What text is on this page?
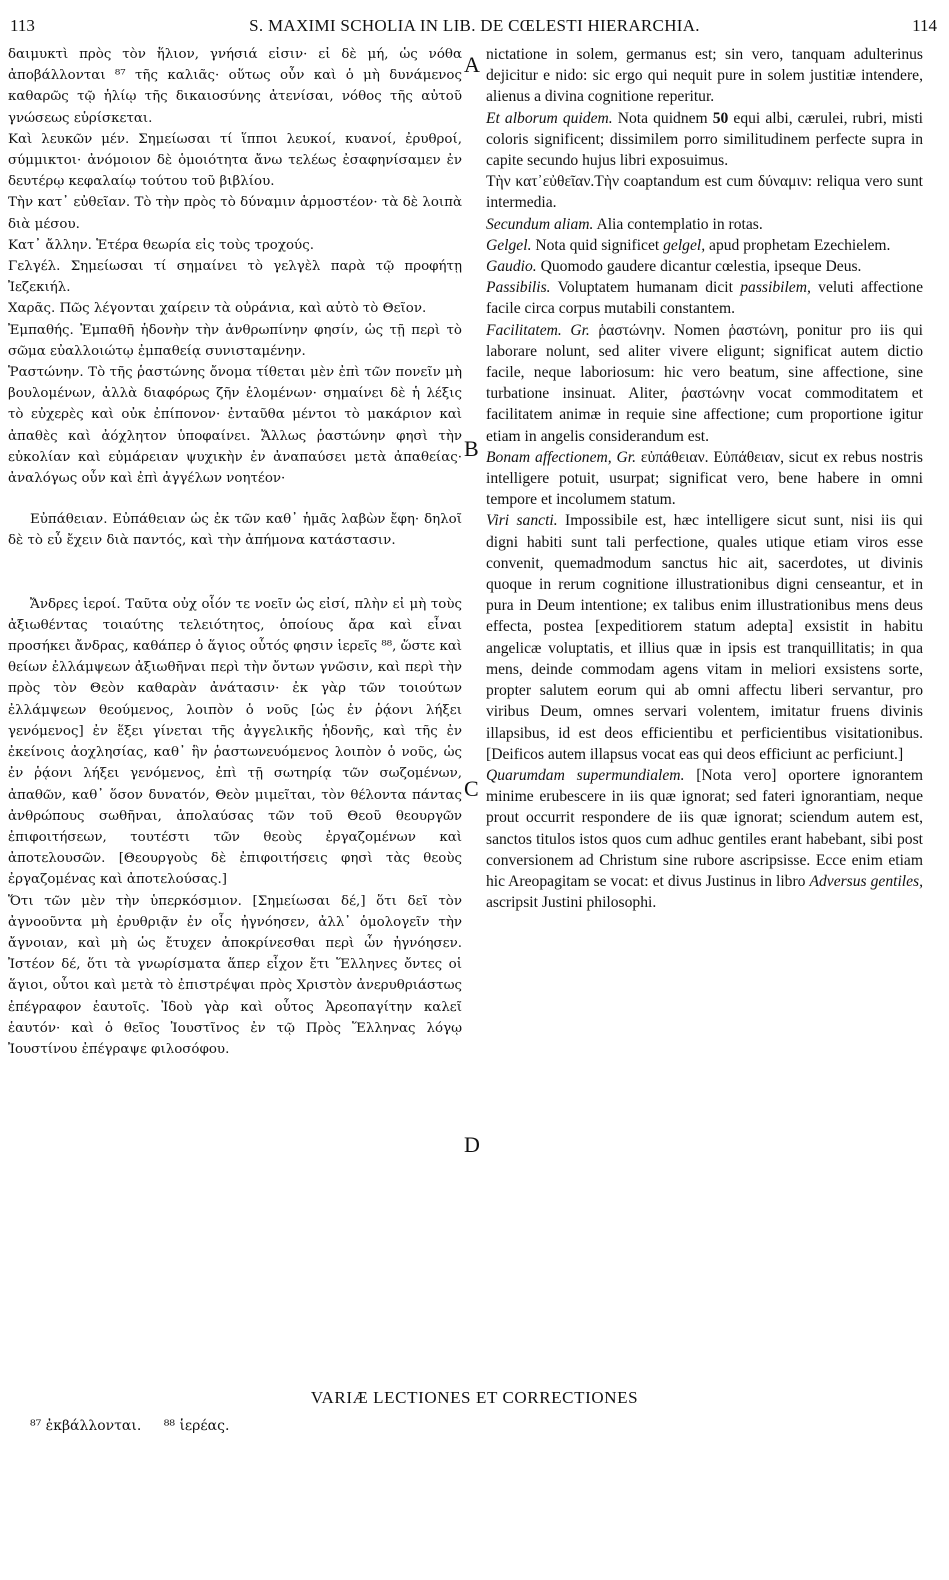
113	S. MAXIMI SCHOLIA IN LIB. DE CŒLESTI HIERARCHIA.	114
A
B
C
D

δαιμυκτὶ πρὸς τὸν ἥλιον, γνήσιά εἰσιν· εἰ δὲ μή, ὡς νόθα ἀποβάλλονται ⁸⁷ τῆς καλιᾶς· οὕτως οὖν καὶ ὁ μὴ δυνάμενος καθαρῶς τῷ ἡλίῳ τῆς δικαιοσύνης ἀτενίσαι, νόθος τῆς αὐτοῦ γνώσεως εὑρίσκεται.

Καὶ λευκῶν μέν. Σημείωσαι τί ἵπποι λευκοί, κυανοί, ἐρυθροί, σύμμικτοι· ἀνόμοιον δὲ ὁμοιότητα ἄνω τελέως ἐσαφηνίσαμεν ἐν δευτέρῳ κεφαλαίῳ τούτου τοῦ βιβλίου.

Τὴν κατ᾽ εὐθεῖαν. Τὸ τὴν πρὸς τὸ δύναμιν ἁρμοστέον· τὰ δὲ λοιπὰ διὰ μέσου.

Κατ᾽ ἄλλην. Ἑτέρα θεωρία εἰς τοὺς τροχούς.

Γελγέλ. Σημείωσαι τί σημαίνει τὸ γελγὲλ παρὰ τῷ προφήτῃ Ἰεζεκιήλ.

Χαρᾶς. Πῶς λέγονται χαίρειν τὰ οὐράνια, καὶ αὐτὸ τὸ Θεῖον.

Ἐμπαθής. Ἐμπαθῆ ἡδονὴν τὴν ἀνθρωπίνην φησίν, ὡς τῇ περὶ τὸ σῶμα εὐαλλοιώτῳ ἐμπαθείᾳ συνισταμένην.

Ῥαστώνην. Τὸ τῆς ῥαστώνης ὄνομα τίθεται μὲν ἐπὶ τῶν πονεῖν μὴ βουλομένων, ἀλλὰ διαφόρως ζῆν ἑλομένων· σημαίνει δὲ ἡ λέξις τὸ εὐχερὲς καὶ οὐκ ἐπίπονον· ἐνταῦθα μέντοι τὸ μακάριον καὶ ἀπαθὲς καὶ ἀόχλητον ὑποφαίνει. Ἄλλως ῥαστώνην φησὶ τὴν εὐκολίαν καὶ εὐμάρειαν ψυχικὴν ἐν ἀναπαύσει μετὰ ἀπαθείας· ἀναλόγως οὖν καὶ ἐπὶ ἀγγέλων νοητέον·

Εὐπάθειαν. Εὐπάθειαν ὡς ἐκ τῶν καθ᾽ ἡμᾶς λαβὼν ἔφη· δηλοῖ δὲ τὸ εὖ ἔχειν διὰ παντός, καὶ τὴν ἀπήμονα κατάστασιν.

Ἄνδρες ἱεροί. Ταῦτα οὐχ οἷόν τε νοεῖν ὡς εἰσί, πλὴν εἰ μὴ τοὺς ἀξιωθέντας τοιαύτης τελειότητος, ὁποίους ἄρα καὶ εἶναι προσήκει ἄνδρας, καθάπερ ὁ ἅγιος οὗτός φησιν ἱερεῖς ⁸⁸, ὥστε καὶ θείων ἐλλάμψεων ἀξιωθῆναι περὶ τὴν ὄντων γνῶσιν, καὶ περὶ τὴν πρὸς τὸν Θεὸν καθαρὰν ἀνάτασιν· ἐκ γὰρ τῶν τοιούτων ἐλλάμψεων θεούμενος, λοιπὸν ὁ νοῦς [ὡς ἐν ῥᾴονι λήξει γενόμενος] ἐν ἕξει γίνεται τῆς ἀγγελικῆς ἡδονῆς, καὶ τῆς ἐν ἐκείνοις ἀοχλησίας, καθ᾽ ἣν ῥαστωνευόμενος λοιπὸν ὁ νοῦς, ὡς ἐν ῥᾴονι λήξει γενόμενος, ἐπὶ τῇ σωτηρίᾳ τῶν σωζομένων, ἀπαθῶν, καθ᾽ ὅσον δυνατόν, Θεὸν μιμεῖται, τὸν θέλοντα πάντας ἀνθρώπους σωθῆναι, ἀπολαύσας τῶν τοῦ Θεοῦ θεουργῶν ἐπιφοιτήσεων, τουτέστι τῶν θεοὺς ἐργαζομένων καὶ ἀποτελουσῶν. [Θεουργοὺς δὲ ἐπιφοιτήσεις φησὶ τὰς θεοὺς ἐργαζομένας καὶ ἀποτελούσας.]

Ὅτι τῶν μὲν τὴν ὑπερκόσμιον. [Σημείωσαι δέ,] ὅτι δεῖ τὸν ἀγνοοῦντα μὴ ἐρυθριᾷν ἐν οἷς ἠγνόησεν, ἀλλ᾽ ὁμολογεῖν τὴν ἄγνοιαν, καὶ μὴ ὡς ἔτυχεν ἀποκρίνεσθαι περὶ ὧν ἠγνόησεν. Ἰστέον δέ, ὅτι τὰ γνωρίσματα ἅπερ εἶχον ἔτι Ἕλληνες ὄντες οἱ ἅγιοι, οὗτοι καὶ μετὰ τὸ ἐπιστρέψαι πρὸς Χριστὸν ἀνερυθριάστως ἐπέγραφον ἑαυτοῖς. Ἰδοὺ γὰρ καὶ οὗτος Ἀρεοπαγίτην καλεῖ ἑαυτόν· καὶ ὁ θεῖος Ἰουστῖνος ἐν τῷ Πρὸς Ἕλληνας λόγῳ Ἰουστίνου ἐπέγραψε φιλοσόφου.

nictatione in solem, germanus est; sin vero, tanquam adulterinus dejicitur e nido: sic ergo qui nequit pure in solem justitiæ intendere, alienus a divina cognitione reperitur.

Et alborum quidem. Nota quidnem 50 equi albi, cærulei, rubri, misti coloris significent; dissimilem porro similitudinem perfecte supra in capite secundo hujus libri exposuimus.

Τὴν κατ᾽εὐθεῖαν.Τὴν coaptandum est cum δύναμιν: reliqua vero sunt intermedia.

Secundum aliam. Alia contemplatio in rotas.

Gelgel. Nota quid significet gelgel, apud prophetam Ezechielem.

Gaudio. Quomodo gaudere dicantur cœlestia, ipseque Deus.

Passibilis. Voluptatem humanam dicit passibilem, veluti affectione facile circa corpus mutabili constantem.

Facilitatem. Gr. ῥαστώνην. Nomen ῥαστώνη, ponitur pro iis qui laborare nolunt, sed aliter vivere eligunt; significat autem dictio facile, neque laboriosum: hic vero beatum, sine affectione, sine turbatione insinuat. Aliter, ῥαστώνην vocat commoditatem et facilitatem animæ in requie sine affectione; cum proportione igitur etiam in angelis considerandum est.

Bonam affectionem, Gr. εὐπάθειαν. Εὐπάθειαν, sicut ex rebus nostris intelligere potuit, usurpat; significat vero, bene habere in omni tempore et incolumem statum.

Viri sancti. Impossibile est, hæc intelligere sicut sunt, nisi iis qui digni habiti sunt tali perfectione, quales utique etiam viros esse convenit, quemadmodum sanctus hic ait, sacerdotes, ut divinis quoque in rerum cognitione illustrationibus digni censeantur, et in pura in Deum intentione; ex talibus enim illustrationibus mens deus effecta, postea [expeditiorem statum adepta] exsistit in habitu angelicæ voluptatis, et illius quæ in ipsis est tranquillitatis; in qua mens, deinde commodam agens vitam in meliori exsistens sorte, propter salutem eorum qui ab omni affectu liberi servantur, pro viribus Deum, omnes servari volentem, imitatur fruens divinis illapsibus, id est deos efficientibu et perficientibus visitationibus. [Deificos autem illapsus vocat eas qui deos efficiunt ac perficiunt.]

Quarumdam supermundialem. [Nota vero] oportere ignorantem minime erubescere in iis quæ ignorat; sed fateri ignorantiam, neque prout occurrit respondere de iis quæ ignorat; sciendum autem est, sanctos titulos istos quos cum adhuc gentiles erant habebant, sibi post conversionem ad Christum sine rubore ascripsisse. Ecce enim etiam hic Areopagitam se vocat: et divus Justinus in libro Adversus gentiles, ascripsit Justini philosophi.

VARIÆ LECTIONES ET CORRECTIONES
⁸⁷ ἐκβάλλονται. ⁸⁸ ἱερέας.
